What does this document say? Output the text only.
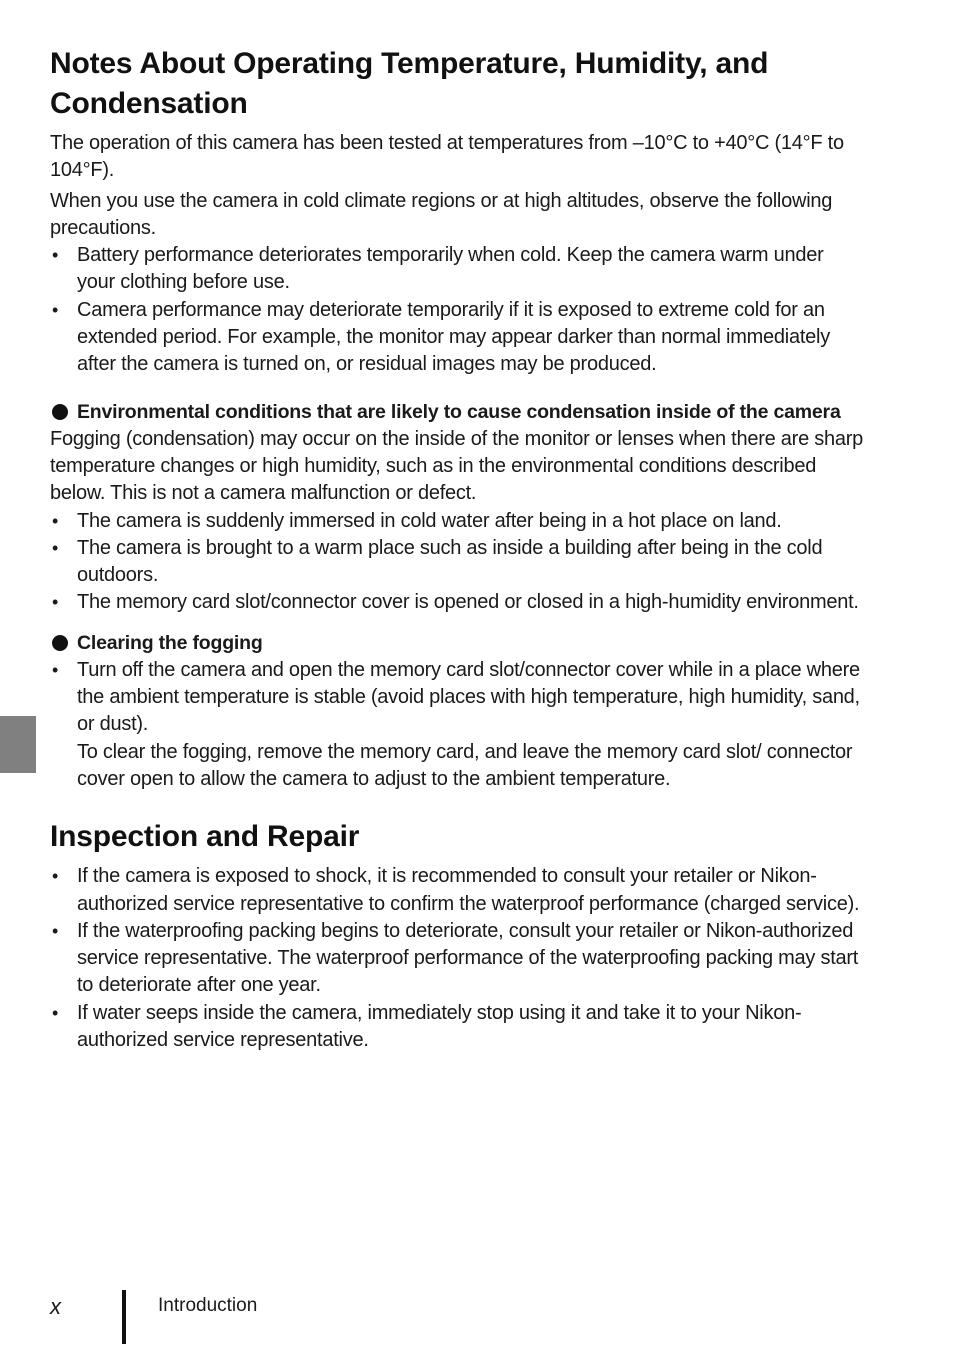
Notes About Operating Temperature, Humidity, and Condensation

The operation of this camera has been tested at temperatures from –10°C to +40°C (14°F to 104°F).

When you use the camera in cold climate regions or at high altitudes, observe the following precautions.

• Battery performance deteriorates temporarily when cold. Keep the camera warm under your clothing before use.
• Camera performance may deteriorate temporarily if it is exposed to extreme cold for an extended period. For example, the monitor may appear darker than normal immediately after the camera is turned on, or residual images may be produced.
Environmental conditions that are likely to cause condensation inside of the camera

Fogging (condensation) may occur on the inside of the monitor or lenses when there are sharp temperature changes or high humidity, such as in the environmental conditions described below. This is not a camera malfunction or defect.

• The camera is suddenly immersed in cold water after being in a hot place on land.
• The camera is brought to a warm place such as inside a building after being in the cold outdoors.
• The memory card slot/connector cover is opened or closed in a high-humidity environment.
Clearing the fogging
• Turn off the camera and open the memory card slot/connector cover while in a place where the ambient temperature is stable (avoid places with high temperature, high humidity, sand, or dust).
To clear the fogging, remove the memory card, and leave the memory card slot/ connector cover open to allow the camera to adjust to the ambient temperature.
Inspection and Repair
• If the camera is exposed to shock, it is recommended to consult your retailer or Nikon-authorized service representative to confirm the waterproof performance (charged service).
• If the waterproofing packing begins to deteriorate, consult your retailer or Nikon-authorized service representative. The waterproof performance of the waterproofing packing may start to deteriorate after one year.
• If water seeps inside the camera, immediately stop using it and take it to your Nikon-authorized service representative.
x	Introduction
